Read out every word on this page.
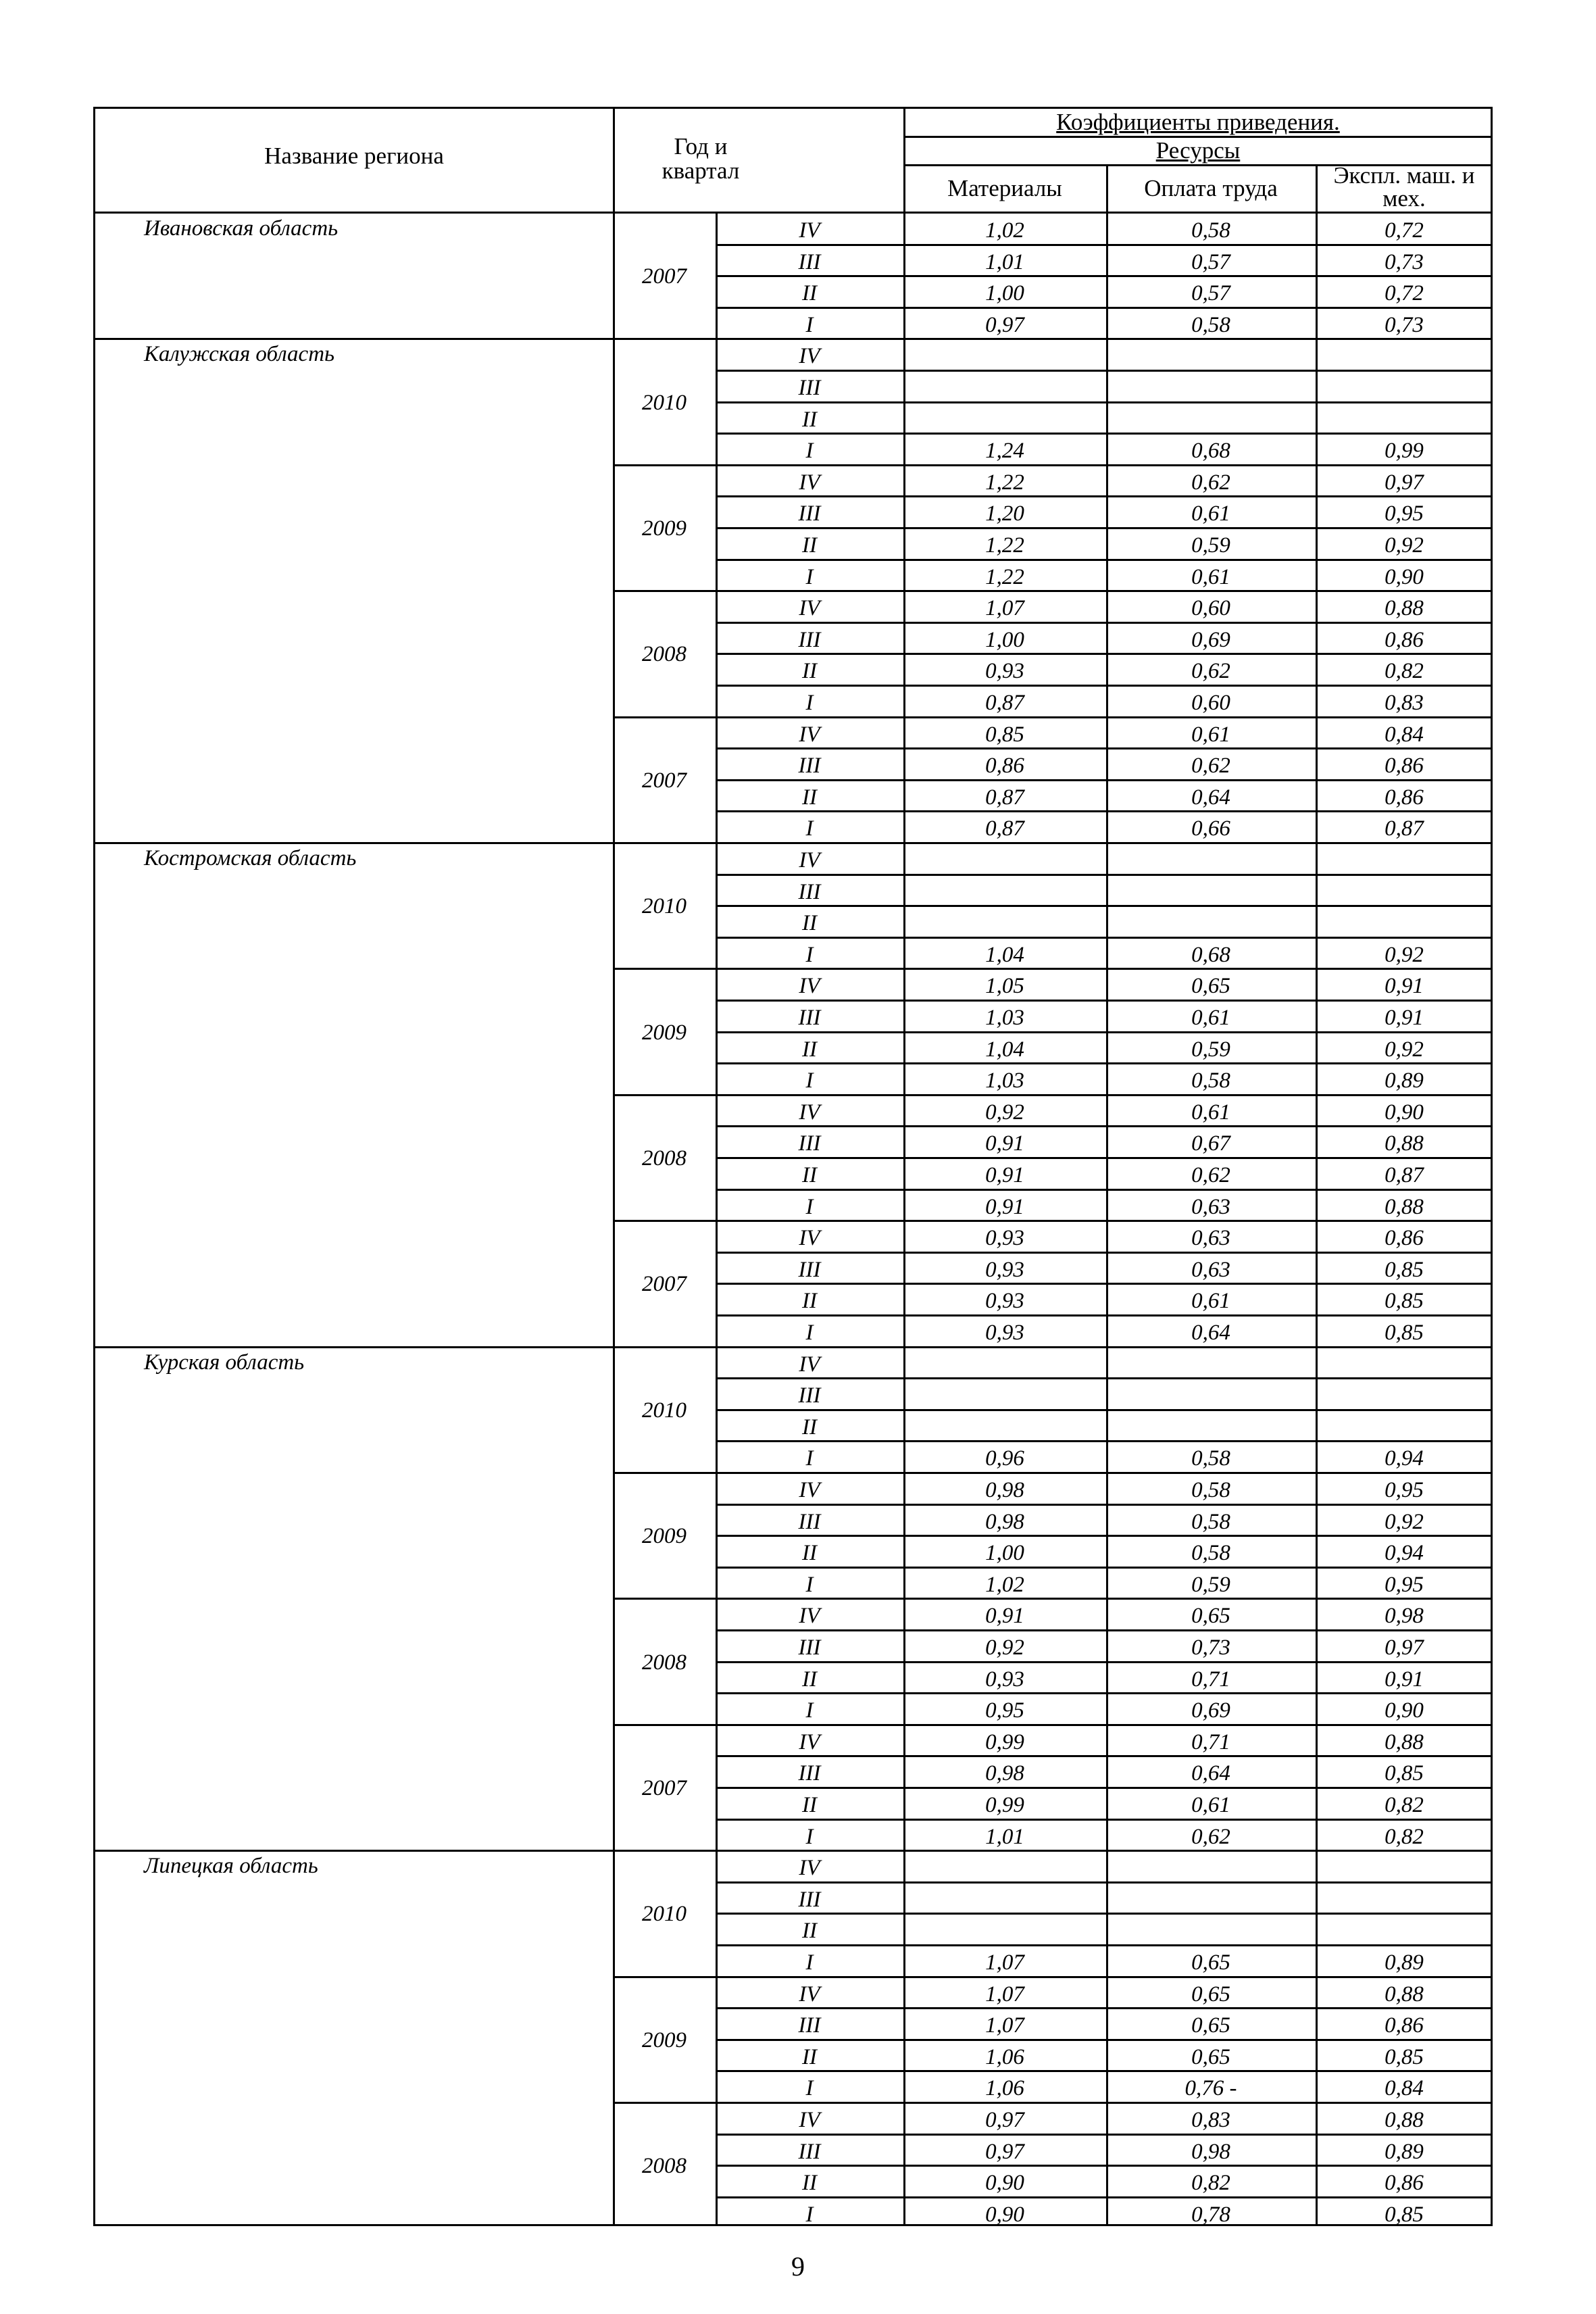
Название региона	Год и квартал
Коэффициенты приведения.
Ресурсы
Материалы	Оплата труда	Экспл. маш. и мех.
Ивановская область
2007
IV	1,02	0,58	0,72
III	1,01	0,57	0,73
II	1,00	0,57	0,72
I	0,97	0,58	0,73
Калужская область
2010
IV
III
II
I	1,24	0,68	0,99
2009
IV	1,22	0,62	0,97
III	1,20	0,61	0,95
II	1,22	0,59	0,92
I	1,22	0,61	0,90
2008
IV	1,07	0,60	0,88
III	1,00	0,69	0,86
II	0,93	0,62	0,82
I	0,87	0,60	0,83
2007
IV	0,85	0,61	0,84
III	0,86	0,62	0,86
II	0,87	0,64	0,86
I	0,87	0,66	0,87
Костромская область
2010
IV
III
II
I	1,04	0,68	0,92
2009
IV	1,05	0,65	0,91
III	1,03	0,61	0,91
II	1,04	0,59	0,92
I	1,03	0,58	0,89
2008
IV	0,92	0,61	0,90
III	0,91	0,67	0,88
II	0,91	0,62	0,87
I	0,91	0,63	0,88
2007
IV	0,93	0,63	0,86
III	0,93	0,63	0,85
II	0,93	0,61	0,85
I	0,93	0,64	0,85
Курская область
2010
IV
III
II
I	0,96	0,58	0,94
2009
IV	0,98	0,58	0,95
III	0,98	0,58	0,92
II	1,00	0,58	0,94
I	1,02	0,59	0,95
2008
IV	0,91	0,65	0,98
III	0,92	0,73	0,97
II	0,93	0,71	0,91
I	0,95	0,69	0,90
2007
IV	0,99	0,71	0,88
III	0,98	0,64	0,85
II	0,99	0,61	0,82
I	1,01	0,62	0,82
Липецкая область
2010
IV
III
II
I	1,07	0,65	0,89
2009
IV	1,07	0,65	0,88
III	1,07	0,65	0,86
II	1,06	0,65	0,85
I	1,06	0,76 -	0,84
2008
IV	0,97	0,83	0,88
III	0,97	0,98	0,89
II	0,90	0,82	0,86
I	0,90	0,78	0,85
9
